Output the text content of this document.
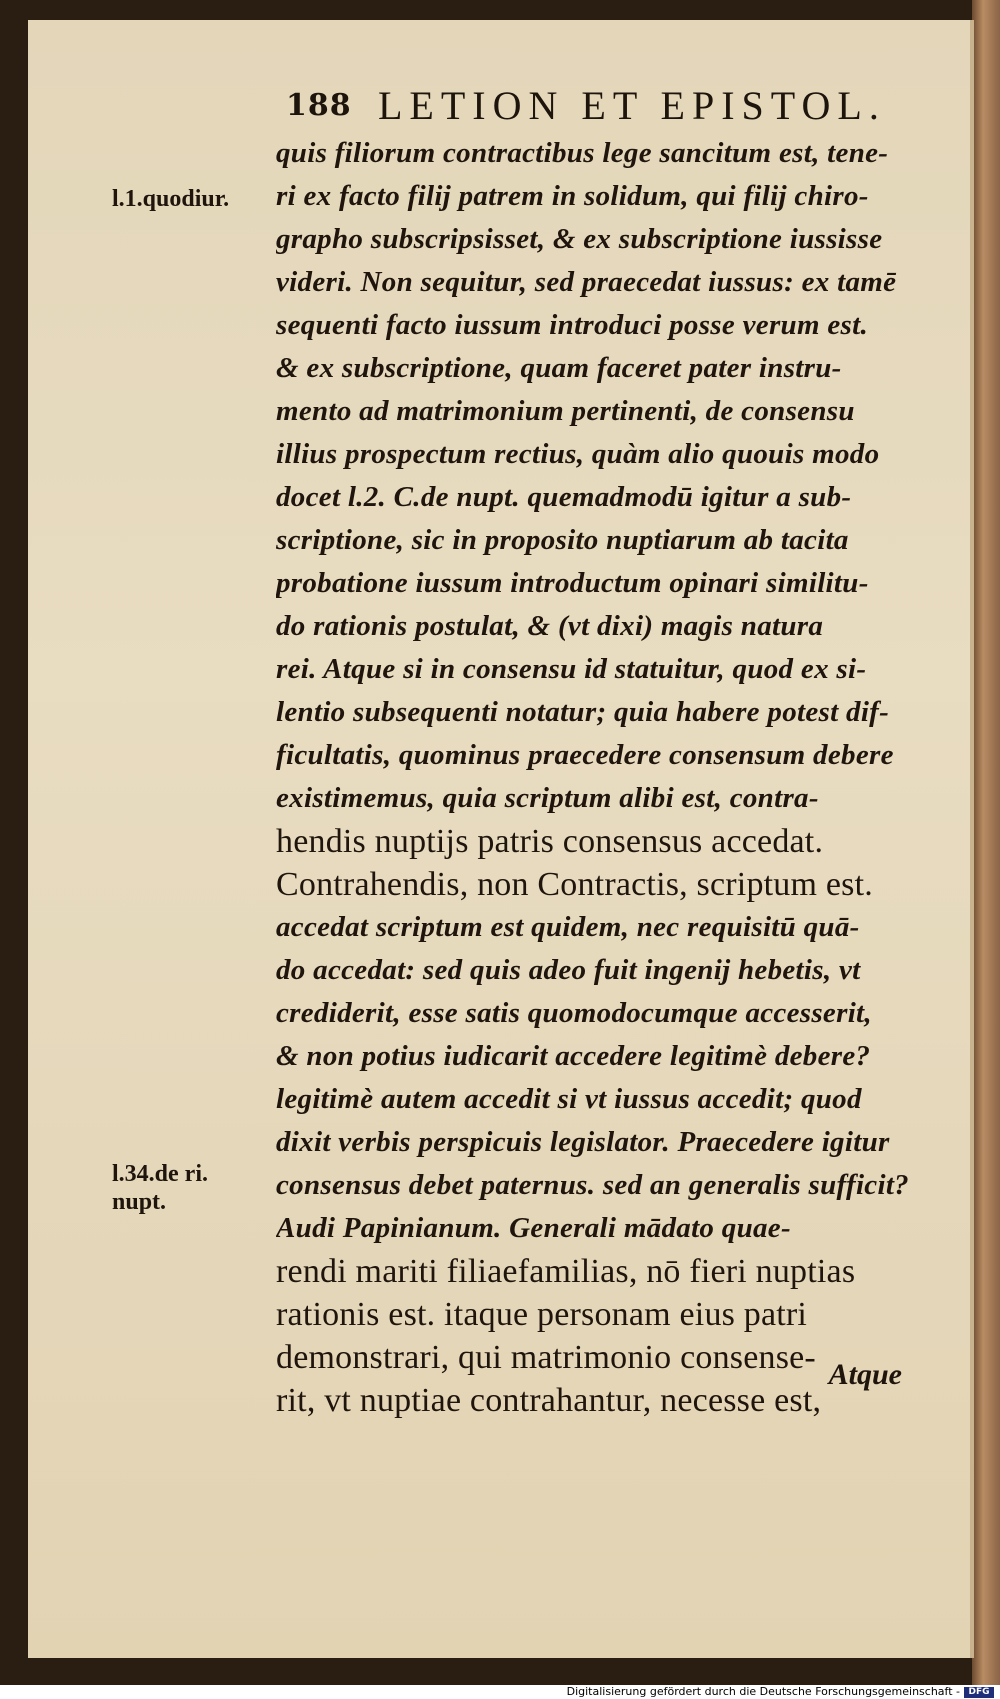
188 LETION ET EPISTOL.
l.1.quodiur.
l.34.de ri. nupt.
quis filiorum contractibus lege sancitum est, tene-
ri ex facto filij patrem in solidum, qui filij chiro-
grapho subscripsisset, & ex subscriptione iussisse
videri. Non sequitur, sed praecedat iussus: ex tamē
sequenti facto iussum introduci posse verum est.
& ex subscriptione, quam faceret pater instru-
mento ad matrimonium pertinenti, de consensu
illius prospectum rectius, quàm alio quouis modo
docet l.2. C.de nupt. quemadmodū igitur a sub-
scriptione, sic in proposito nuptiarum ab tacita
probatione iussum introductum opinari similitu-
do rationis postulat, & (vt dixi) magis natura
rei. Atque si in consensu id statuitur, quod ex si-
lentio subsequenti notatur; quia habere potest dif-
ficultatis, quominus praecedere consensum debere
existimemus, quia scriptum alibi est, contra-
hendis nuptijs patris consensus accedat.
Contrahendis, non Contractis, scriptum est.
accedat scriptum est quidem, nec requisitū quā-
do accedat: sed quis adeo fuit ingenij hebetis, vt
crediderit, esse satis quomodocumque accesserit,
& non potius iudicarit accedere legitimè debere?
legitimè autem accedit si vt iussus accedit; quod
dixit verbis perspicuis legislator. Praecedere igitur
consensus debet paternus. sed an generalis sufficit?
Audi Papinianum. Generali mādato quae-
rendi mariti filiaefamilias, nō fieri nuptias
rationis est. itaque personam eius patri
demonstrari, qui matrimonio consense-
rit, vt nuptiae contrahantur, necesse est,
Atque
Digitalisierung gefördert durch die Deutsche Forschungsgemeinschaft - DFG
